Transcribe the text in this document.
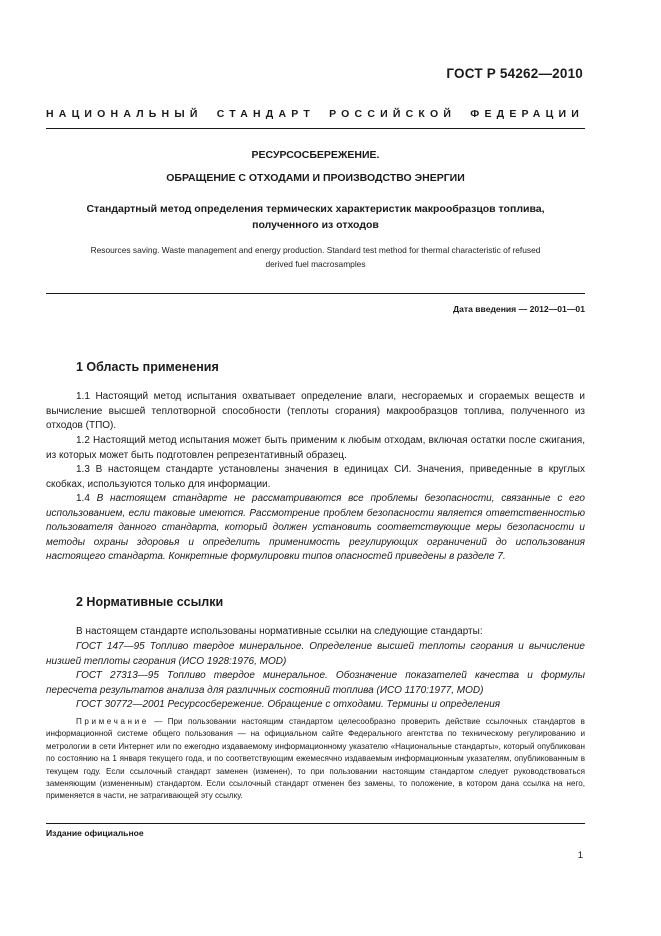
ГОСТ Р 54262—2010
НАЦИОНАЛЬНЫЙ СТАНДАРТ РОССИЙСКОЙ ФЕДЕРАЦИИ
РЕСУРСОСБЕРЕЖЕНИЕ.
ОБРАЩЕНИЕ С ОТХОДАМИ И ПРОИЗВОДСТВО ЭНЕРГИИ
Стандартный метод определения термических характеристик макрообразцов топлива,
полученного из отходов
Resources saving. Waste management and energy production. Standard test method for thermal characteristic of refused
derived fuel macrosamples
Дата введения — 2012—01—01
1 Область применения

1.1 Настоящий метод испытания охватывает определение влаги, несгораемых и сгораемых веществ и вычисление высшей теплотворной способности (теплоты сгорания) макрообразцов топлива, полученного из отходов (ТПО).

1.2 Настоящий метод испытания может быть применим к любым отходам, включая остатки после сжигания, из которых может быть подготовлен репрезентативный образец.

1.3 В настоящем стандарте установлены значения в единицах СИ. Значения, приведенные в круглых скобках, используются только для информации.

1.4 В настоящем стандарте не рассматриваются все проблемы безопасности, связанные с его использованием, если таковые имеются. Рассмотрение проблем безопасности является ответственностью пользователя данного стандарта, который должен установить соответствующие меры безопасности и методы охраны здоровья и определить применимость регулирующих ограничений до использования настоящего стандарта. Конкретные формулировки типов опасностей приведены в разделе 7.

2 Нормативные ссылки

В настоящем стандарте использованы нормативные ссылки на следующие стандарты:

ГОСТ 147—95 Топливо твердое минеральное. Определение высшей теплоты сгорания и вычисление низшей теплоты сгорания (ИСО 1928:1976, MOD)

ГОСТ 27313—95 Топливо твердое минеральное. Обозначение показателей качества и формулы пересчета результатов анализа для различных состояний топлива (ИСО 1170:1977, MOD)

ГОСТ 30772—2001 Ресурсосбережение. Обращение с отходами. Термины и определения

Примечание — При пользовании настоящим стандартом целесообразно проверить действие ссылочных стандартов в информационной системе общего пользования — на официальном сайте Федерального агентства по техническому регулированию и метрологии в сети Интернет или по ежегодно издаваемому информационному указателю «Национальные стандарты», который опубликован по состоянию на 1 января текущего года, и по соответствующим ежемесячно издаваемым информационным указателям, опубликованным в текущем году. Если ссылочный стандарт заменен (изменен), то при пользовании настоящим стандартом следует руководствоваться заменяющим (измененным) стандартом. Если ссылочный стандарт отменен без замены, то положение, в котором дана ссылка на него, применяется в части, не затрагивающей эту ссылку.

Издание официальное
1
